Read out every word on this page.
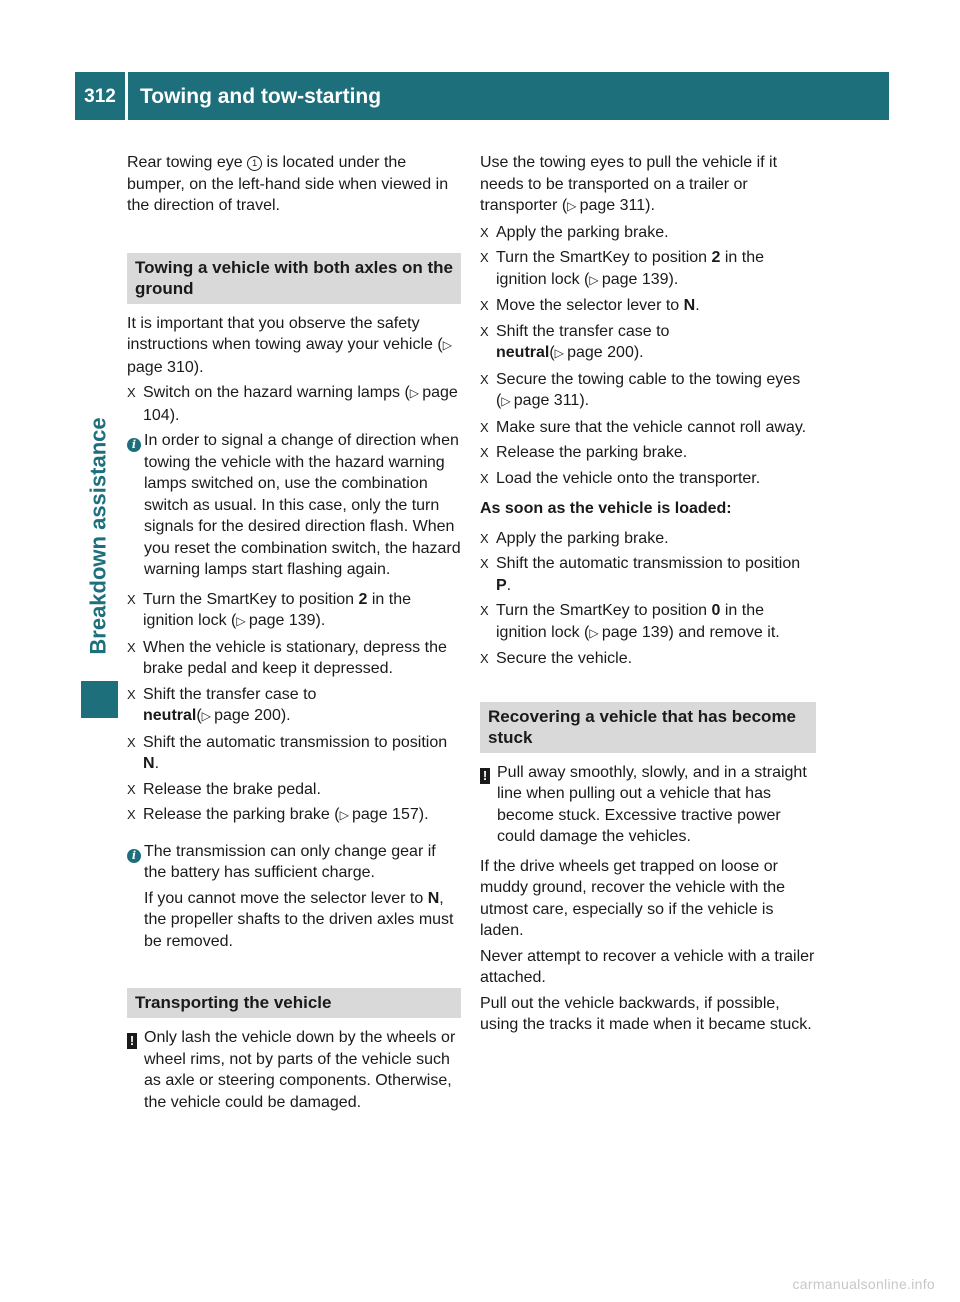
312	Towing and tow-starting
Breakdown assistance

Rear towing eye 1 is located under the bumper, on the left-hand side when viewed in the direction of travel.

Towing a vehicle with both axles on the ground

It is important that you observe the safety instructions when towing away your vehicle (▷ page 310).

X Switch on the hazard warning lamps (▷  page 104).
i In order to signal a change of direction when towing the vehicle with the hazard warning lamps switched on, use the combination switch as usual. In this case, only the turn signals for the desired direction flash. When you reset the combination switch, the hazard warning lamps start flashing again.

X Turn the SmartKey to position 2 in the ignition lock (▷  page 139).
X When the vehicle is stationary, depress the brake pedal and keep it depressed.
X Shift the transfer case to
neutral(▷  page 200).
X Shift the automatic transmission to position N.
X Release the brake pedal.
X Release the parking brake (▷  page 157).
i The transmission can only change gear if the battery has sufficient charge.

If you cannot move the selector lever to N, the propeller shafts to the driven axles must be removed.

Transporting the vehicle
! Only lash the vehicle down by the wheels or wheel rims, not by parts of the vehicle such as axle or steering components. Otherwise, the vehicle could be damaged.

Use the towing eyes to pull the vehicle if it needs to be transported on a trailer or transporter (▷  page 311).

X Apply the parking brake.
X Turn the SmartKey to position 2 in the ignition lock (▷  page 139).
X Move the selector lever to N.
X Shift the transfer case to
neutral(▷  page 200).
X Secure the towing cable to the towing eyes (▷  page 311).
X Make sure that the vehicle cannot roll away.
X Release the parking brake.
X Load the vehicle onto the transporter.

As soon as the vehicle is loaded:

X Apply the parking brake.
X Shift the automatic transmission to position P.
X Turn the SmartKey to position 0 in the ignition lock (▷  page 139) and remove it.
X Secure the vehicle.
Recovering a vehicle that has become stuck
! Pull away smoothly, slowly, and in a straight line when pulling out a vehicle that has become stuck. Excessive tractive power could damage the vehicles.

If the drive wheels get trapped on loose or muddy ground, recover the vehicle with the utmost care, especially so if the vehicle is laden.

Never attempt to recover a vehicle with a trailer attached.

Pull out the vehicle backwards, if possible, using the tracks it made when it became stuck.

carmanualsonline.info
